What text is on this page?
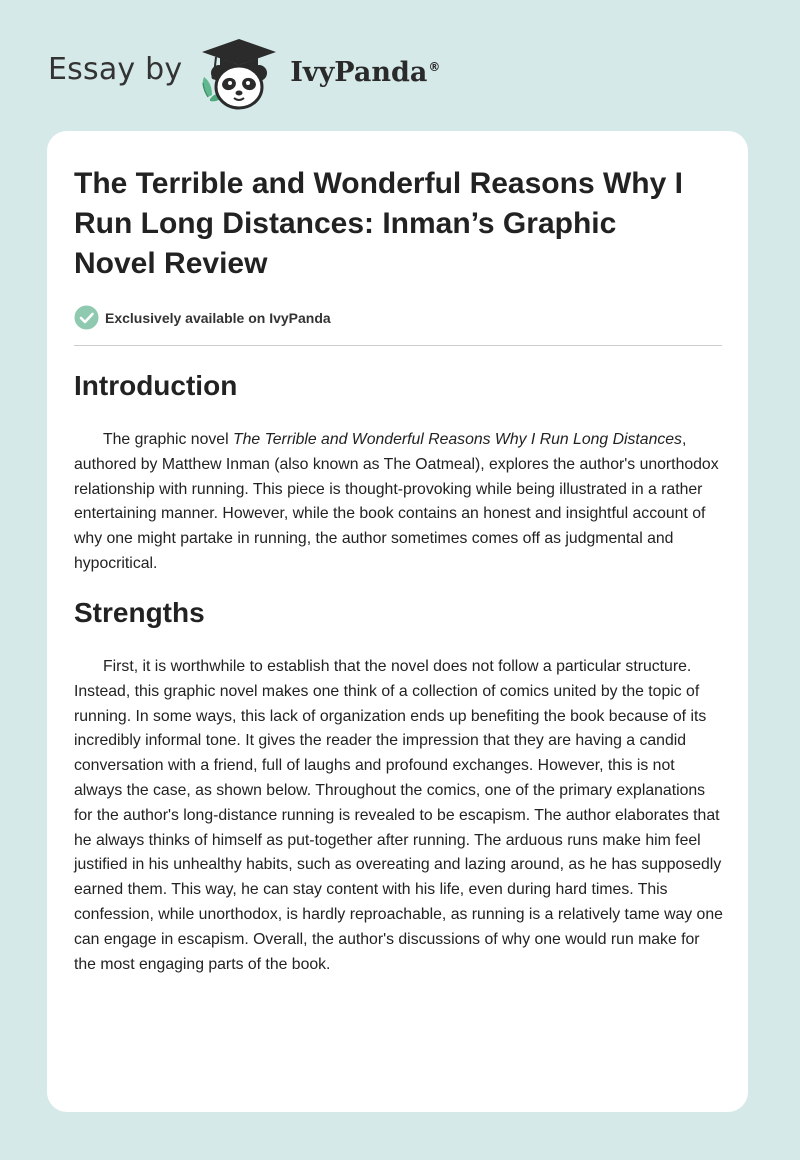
Essay by	IvyPanda®
The Terrible and Wonderful Reasons Why I Run Long Distances: Inman’s Graphic Novel Review
Exclusively available on IvyPanda
Introduction

The graphic novel The Terrible and Wonderful Reasons Why I Run Long Distances, authored by Matthew Inman (also known as The Oatmeal), explores the author's unorthodox relationship with running. This piece is thought-provoking while being illustrated in a rather entertaining manner. However, while the book contains an honest and insightful account of why one might partake in running, the author sometimes comes off as judgmental and hypocritical.

Strengths

First, it is worthwhile to establish that the novel does not follow a particular structure. Instead, this graphic novel makes one think of a collection of comics united by the topic of running. In some ways, this lack of organization ends up benefiting the book because of its incredibly informal tone. It gives the reader the impression that they are having a candid conversation with a friend, full of laughs and profound exchanges. However, this is not always the case, as shown below. Throughout the comics, one of the primary explanations for the author's long-distance running is revealed to be escapism. The author elaborates that he always thinks of himself as put-together after running. The arduous runs make him feel justified in his unhealthy habits, such as overeating and lazing around, as he has supposedly earned them. This way, he can stay content with his life, even during hard times. This confession, while unorthodox, is hardly reproachable, as running is a relatively tame way one can engage in escapism. Overall, the author's discussions of why one would run make for the most engaging parts of the book.
